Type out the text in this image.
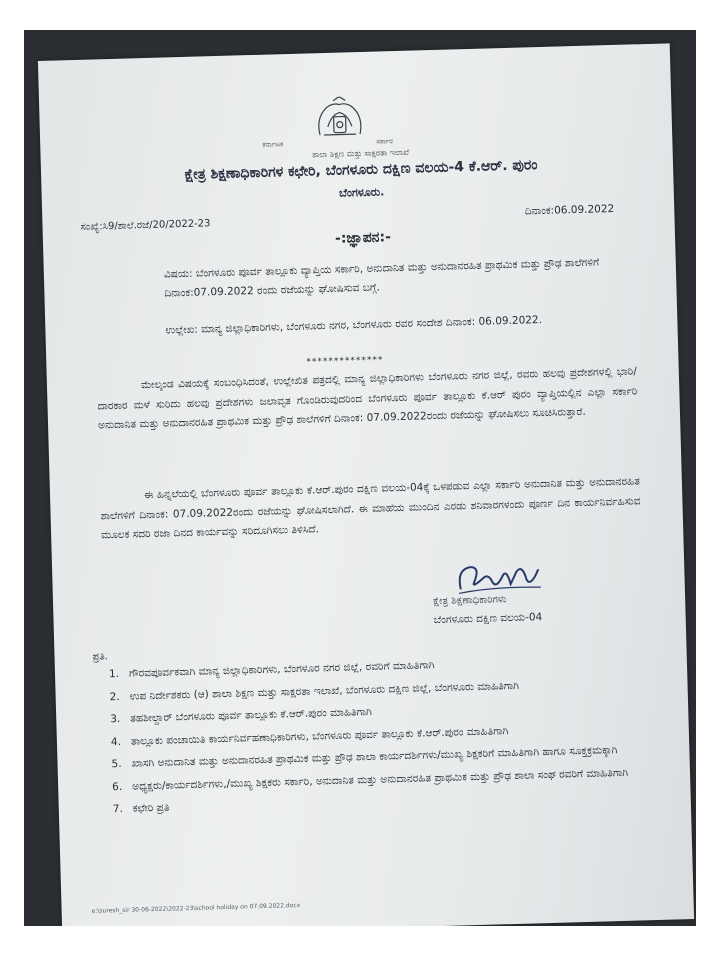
ಕರ್ನಾಟಕ	ಸರ್ಕಾರ
ಶಾಲಾ ಶಿಕ್ಷಣ ಮತ್ತು ಸಾಕ್ಷರತಾ ಇಲಾಖೆ
ಕ್ಷೇತ್ರ ಶಿಕ್ಷಣಾಧಿಕಾರಿಗಳ ಕಛೇರಿ, ಬೆಂಗಳೂರು ದಕ್ಷಿಣ ವಲಯ-4 ಕೆ.ಆರ್. ಪುರಂ
ಬೆಂಗಳೂರು.
ಸಂಖ್ಯೆ:ಸಿ9/ಶಾಲೆ.ರಜೆ/20/2022-23
ದಿನಾಂಕ:06.09.2022
-:ಜ್ಞಾಪನ:-
ವಿಷಯ: ಬೆಂಗಳೂರು ಪೂರ್ವ ತಾಲ್ಲೂಕು ವ್ಯಾಪ್ತಿಯ ಸರ್ಕಾರಿ, ಅನುದಾನಿತ ಮತ್ತು ಅನುದಾನರಹಿತ ಪ್ರಾಥಮಿಕ ಮತ್ತು ಪ್ರೌಢ ಶಾಲೆಗಳಿಗೆ ದಿನಾಂಕ:07.09.2022 ರಂದು ರಜೆಯನ್ನು ಘೋಷಿಸುವ ಬಗ್ಗೆ.
ಉಲ್ಲೇಖ: ಮಾನ್ಯ ಜಿಲ್ಲಾಧಿಕಾರಿಗಳು, ಬೆಂಗಳೂರು ನಗರ, ಬೆಂಗಳೂರು ರವರ ಸಂದೇಶ ದಿನಾಂಕ: 06.09.2022.
**************
ಮೇಲ್ಕಂಡ ವಿಷಯಕ್ಕೆ ಸಂಬಂಧಿಸಿದಂತೆ, ಉಲ್ಲೇಖಿತ ಪತ್ರದಲ್ಲಿ ಮಾನ್ಯ ಜಿಲ್ಲಾಧಿಕಾರಿಗಳು ಬೆಂಗಳೂರು ನಗರ ಜಿಲ್ಲೆ, ರವರು ಹಲವು ಪ್ರದೇಶಗಳಲ್ಲಿ ಭಾರಿ/ದಾರಕಾರ ಮಳೆ ಸುರಿದು ಹಲವು ಪ್ರದೇಶಗಳು ಜಲಾವೃತ ಗೊಂಡಿರುವುದರಿಂದ ಬೆಂಗಳೂರು ಪೂರ್ವ ತಾಲ್ಲೂಕು ಕೆ.ಆರ್ ಪುರಂ ವ್ಯಾಪ್ತಿಯಲ್ಲಿನ ಎಲ್ಲಾ ಸರ್ಕಾರಿ ಅನುದಾನಿತ ಮತ್ತು ಅನುದಾನರಹಿತ ಪ್ರಾಥಮಿಕ ಮತ್ತು ಪ್ರೌಢ ಶಾಲೆಗಳಿಗೆ ದಿನಾಂಕ: 07.09.2022ರಂದು ರಜೆಯನ್ನು ಘೋಷಿಸಲು ಸೂಚಿಸಿರುತ್ತಾರೆ.
ಈ ಹಿನ್ನಲೆಯಲ್ಲಿ ಬೆಂಗಳೂರು ಪೂರ್ವ ತಾಲ್ಲೂಕು ಕೆ.ಆರ್.ಪುರಂ ದಕ್ಷಿಣ ವಲಯ-04ಕ್ಕೆ ಒಳಪಡುವ ಎಲ್ಲಾ ಸರ್ಕಾರಿ ಅನುದಾನಿತ ಮತ್ತು ಅನುದಾನರಹಿತ ಶಾಲೆಗಳಿಗೆ ದಿನಾಂಕ: 07.09.2022ರಂದು ರಜೆಯನ್ನು ಘೋಷಿಸಲಾಗಿದೆ. ಈ ಮಾಹೆಯ ಮುಂದಿನ ಎರಡು ಶನಿವಾರಗಳಂದು ಪೂರ್ಣ ದಿನ ಕಾರ್ಯನಿರ್ವಹಿಸುವ ಮೂಲಕ ಸದರಿ ರಜಾ ದಿನದ ಕಾರ್ಯವನ್ನು ಸರಿದೂಗಿಸಲು ತಿಳಿಸಿದೆ.
ಕ್ಷೇತ್ರ ಶಿಕ್ಷಣಾಧಿಕಾರಿಗಳು
ಬೆಂಗಳೂರು ದಕ್ಷಿಣ ವಲಯ-04
ಪ್ರತಿ.
1. ಗೌರವಪೂರ್ವಕವಾಗಿ ಮಾನ್ಯ ಜಿಲ್ಲಾಧಿಕಾರಿಗಳು, ಬೆಂಗಳೂರ ನಗರ ಜಿಲ್ಲೆ, ರವರಿಗೆ ಮಾಹಿತಿಗಾಗಿ
2. ಉಪ ನಿರ್ದೇಶಕರು (ಆ) ಶಾಲಾ ಶಿಕ್ಷಣ ಮತ್ತು ಸಾಕ್ಷರತಾ ಇಲಾಖೆ, ಬೆಂಗಳೂರು ದಕ್ಷಿಣ ಜಿಲ್ಲೆ, ಬೆಂಗಳೂರು ಮಾಹಿತಿಗಾಗಿ
3. ತಹಶೀಲ್ದಾರ್ ಬೆಂಗಳೂರು ಪೂರ್ವ ತಾಲ್ಲೂಕು ಕೆ.ಆರ್.ಪುರಂ ಮಾಹಿತಿಗಾಗಿ
4. ತಾಲ್ಲೂಕು ಪಂಚಾಯಿತಿ ಕಾರ್ಯನಿರ್ವಹಣಾಧಿಕಾರಿಗಳು, ಬೆಂಗಳೂರು ಪೂರ್ವ ತಾಲ್ಲೂಕು ಕೆ.ಆರ್.ಪುರಂ ಮಾಹಿತಿಗಾಗಿ
5. ಖಾಸಗಿ ಅನುದಾನಿತ ಮತ್ತು ಅನುದಾನರಹಿತ ಪ್ರಾಥಮಿಕ ಮತ್ತು ಪ್ರೌಢ ಶಾಲಾ ಕಾರ್ಯದರ್ಶಿಗಳು/ಮುಖ್ಯ ಶಿಕ್ಷಕರಿಗೆ ಮಾಹಿತಿಗಾಗಿ ಹಾಗೂ ಸೂಕ್ತಕ್ರಮಕ್ಕಾಗಿ
6. ಅಧ್ಯಕ್ಷರು/ಕಾರ್ಯದರ್ಶಿಗಳು,/ಮುಖ್ಯ ಶಿಕ್ಷಕರು ಸರ್ಕಾರಿ, ಅನುದಾನಿತ ಮತ್ತು ಅನುದಾನರಹಿತ ಪ್ರಾಥಮಿಕ ಮತ್ತು ಪ್ರೌಢ ಶಾಲಾ ಸಂಘ ರವರಿಗೆ ಮಾಹಿತಿಗಾಗಿ
7. ಕಛೇರಿ ಪ್ರತಿ
e:\suresh_sir 30-06-2022\2022-23\school holiday on 07.09.2022.docx
